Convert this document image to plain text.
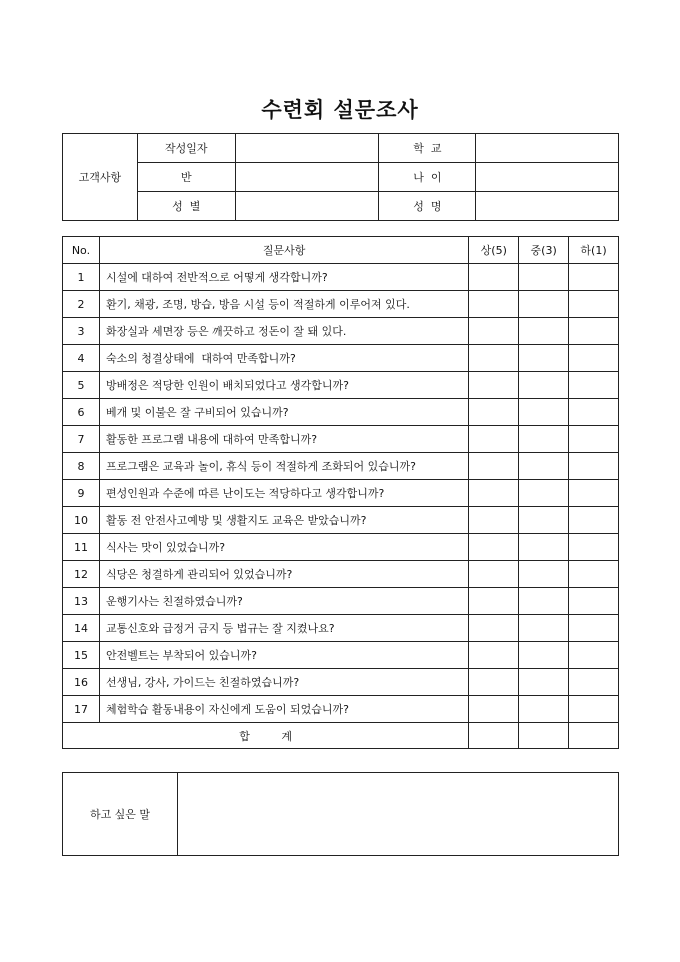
수련회 설문조사
고객사항	작성일자		학  교	
	반		나  이	
	성  별		성  명	
No.	질문사항	상(5)	중(3)	하(1)
1	시설에 대하여 전반적으로 어떻게 생각합니까?			
2	환기, 채광, 조명, 방습, 방음 시설 등이 적절하게 이루어져 있다.			
3	화장실과 세면장 등은 깨끗하고 정돈이 잘 돼 있다.			
4	숙소의 청결상태에  대하여 만족합니까?			
5	방배정은 적당한 인원이 배치되었다고 생각합니까?			
6	베개 및 이불은 잘 구비되어 있습니까?			
7	활동한 프로그램 내용에 대하여 만족합니까?			
8	프로그램은 교육과 놀이, 휴식 등이 적절하게 조화되어 있습니까?			
9	편성인원과 수준에 따른 난이도는 적당하다고 생각합니까?			
10	활동 전 안전사고예방 및 생활지도 교육은 받았습니까?			
11	식사는 맛이 있었습니까?			
12	식당은 청결하게 관리되어 있었습니까?			
13	운행기사는 친절하였습니까?			
14	교통신호와 급정거 금지 등 법규는 잘 지켰나요?			
15	안전벨트는 부착되어 있습니까?			
16	선생님, 강사, 가이드는 친절하였습니까?			
17	체험학습 활동내용이 자신에게 도움이 되었습니까?			
합 계				
하고 싶은 말	
